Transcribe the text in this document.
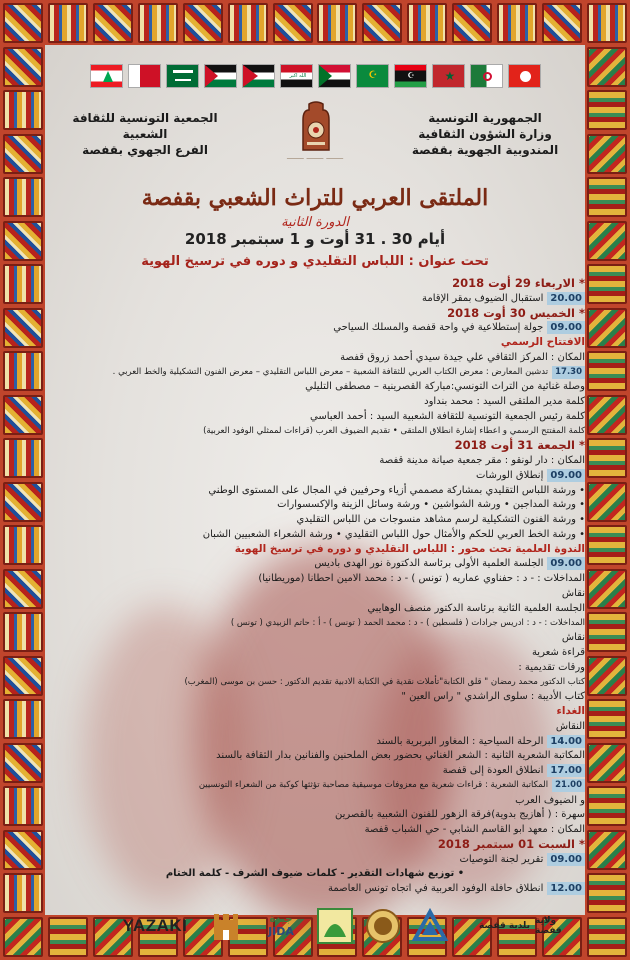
★
☪
☪
الله اكبر
الجمهورية التونسية
وزارة الشؤون الثقافية
المندوبية الجهوية بقفصة
الجمعية التونسية للثقافة
الشعبية
الفرع الجهوي بقفصة
⸻ ⸻ ⸻
الملتقى العربي للتراث الشعبي بقفصة
الدورة الثانية
أيام 30 . 31 أوت و 1 سبتمبر 2018
تحت عنوان : اللباس التقليدي و دوره في ترسيخ الهوية
* الاربعاء 29 أوت 2018
20.00استقبال الضيوف بمقر الإقامة
* الخميس 30 أوت 2018
09.00جولة إستطلاعية في واحة قفصة والمسلك السياحي
الافتتاح الرسمي
المكان : المركز الثقافي علي جيدة سيدي أحمد زروق قفصة
17.30تدشين المعارض : معرض الكتاب العربي للثقافة الشعبية – معرض اللباس التقليدي – معرض الفنون التشكيلية والخط العربي .
وصلة غنائية من التراث التونسي:مباركة القصرينية – مصطفى التليلي
كلمة مدير الملتقى السيد : محمد بنداود
كلمة رئيس الجمعية التونسية للثقافة الشعبية السيد : أحمد العباسي
كلمة المفتتح الرسمي و اعطاء إشارة انطلاق الملتقى • تقديم الضيوف العرب (قراءات لممثلي الوفود العربية)
* الجمعة 31 أوت 2018
المكان : دار لونقو : مقر جمعية صيانة مدينة قفصة
09.00إنطلاق الورشات
• ورشة اللباس التقليدي بمشاركة مصممي أزياء وحرفيين في المجال على المستوى الوطني
• ورشة المداجين • ورشة الشواشين • ورشة وسائل الزينة والإكسسوارات
• ورشة الفنون التشكيلية لرسم مشاهد منسوجات من اللباس التقليدي
• ورشة الخط العربي للحكم والأمثال حول اللباس التقليدي • ورشة الشعراء الشعبيين الشبان
الندوة العلمية تحت محور : اللباس التقليدي و دوره في ترسيخ الهوية
09.00الجلسة العلمية الأولى برئاسة الدكتورة نور الهدى باديس
المداخلات : - د : حفناوي عماريه ( تونس ) - د : محمد الامين احطانا (موريطانيا)
نقاش
الجلسة العلمية الثانية برئاسة الدكتور منصف الوهايبي
المداخلات : - د : ادريس جرادات ( فلسطين ) - د : محمد الحمد ( تونس ) - أ : حاتم الزبيدي ( تونس )
نقاش
قراءة شعرية
ورقات تقديمية :
كتاب الدكتور محمد رمضان " قلق الكتابة"تأملات نقدية في الكتابة الادبية تقديم الدكتور : حسن بن موسى (المغرب)
كتاب الأديبة : سلوى الراشدي " راس العين "
الغداء
النقاش
14.00الرحلة السياحية : المغاور البربرية بالسند
المكاتبة الشعرية الثانية : الشعر الغنائي بحضور بعض الملحنين والفنانين بدار الثقافة بالسند
17.00انطلاق العودة إلى قفصة
21.00المكاتبة الشعرية : قراءات شعرية مع معزوفات موسيقية مصاحبة تؤثثها كوكبة من الشعراء التونسيين
و الضيوف العرب
سهرة : ( أهازيج بدوية)فرقة الزهور للفنون الشعبية بالقصرين
المكان : معهد ابو القاسم الشابي - حي الشباب قفصة
* السبت 01 سبتمبر 2018
09.00تقرير لجنة التوصيات
• توزيع شهادات التقدير - كلمات ضيوف الشرف - كلمة الختام
12.00انطلاق حافلة الوفود العربية في اتجاه تونس العاصمة
ولاية قفصة
بلدية قفصة
جيدة
JIDA
YAZAKI
